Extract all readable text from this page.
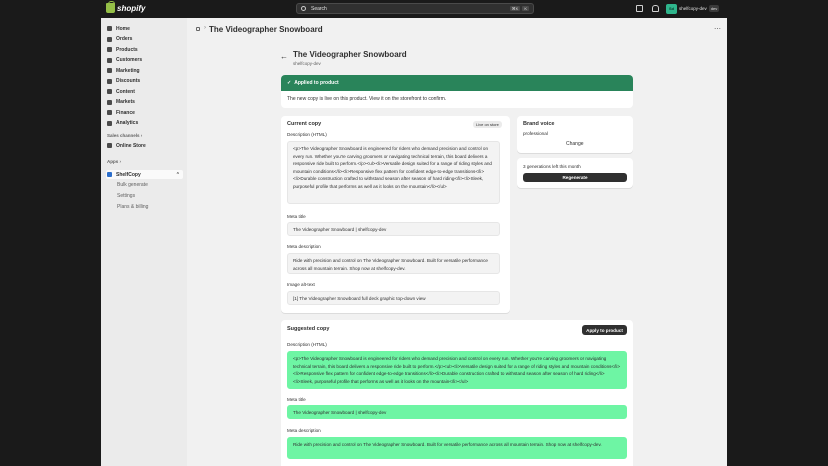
shopify	Search	⌘K	K	Sd	shelfcopy-dev	dev
Home
Orders
Products
Customers
Marketing
Discounts
Content
Markets
Finance
Analytics
Sales channels ›
Online Store
Apps ›
ShelfCopy	⌃
Bulk generate
Settings
Plans & billing
› The Videographer Snowboard	⋯
← The Videographer Snowboard
shelfcopy-dev
✓ Applied to product
The new copy is live on this product. View it on the storefront to confirm.
Current copy	Live on store
Description (HTML)
<p>The Videographer Snowboard is engineered for riders who demand precision and control on every run. Whether you're carving groomers or navigating technical terrain, this board delivers a responsive ride built to perform.</p><ul><li>Versatile design suited for a range of riding styles and mountain conditions</li><li>Responsive flex pattern for confident edge-to-edge transitions</li><li>Durable construction crafted to withstand season after season of hard riding</li><li>Sleek, purposeful profile that performs as well as it looks on the mountain</li></ul>
Meta title
The Videographer Snowboard | shelfcopy-dev
Meta description
Ride with precision and control on The Videographer Snowboard. Built for versatile performance across all mountain terrain. Shop now at shelfcopy-dev.
Image alt-text
[1] The Videographer Snowboard full deck graphic top-down view
Brand voice
professional
Change
3 generations left this month
Regenerate
Suggested copy	Apply to product
Description (HTML)
<p>The Videographer Snowboard is engineered for riders who demand precision and control on every run. Whether you're carving groomers or navigating technical terrain, this board delivers a responsive ride built to perform.</p><ul><li>Versatile design suited for a range of riding styles and mountain conditions</li><li>Responsive flex pattern for confident edge-to-edge transitions</li><li>Durable construction crafted to withstand season after season of hard riding</li><li>Sleek, purposeful profile that performs as well as it looks on the mountain</li></ul>
Meta title
The Videographer Snowboard | shelfcopy-dev
Meta description
Ride with precision and control on The Videographer Snowboard. Built for versatile performance across all mountain terrain. Shop now at shelfcopy-dev.
